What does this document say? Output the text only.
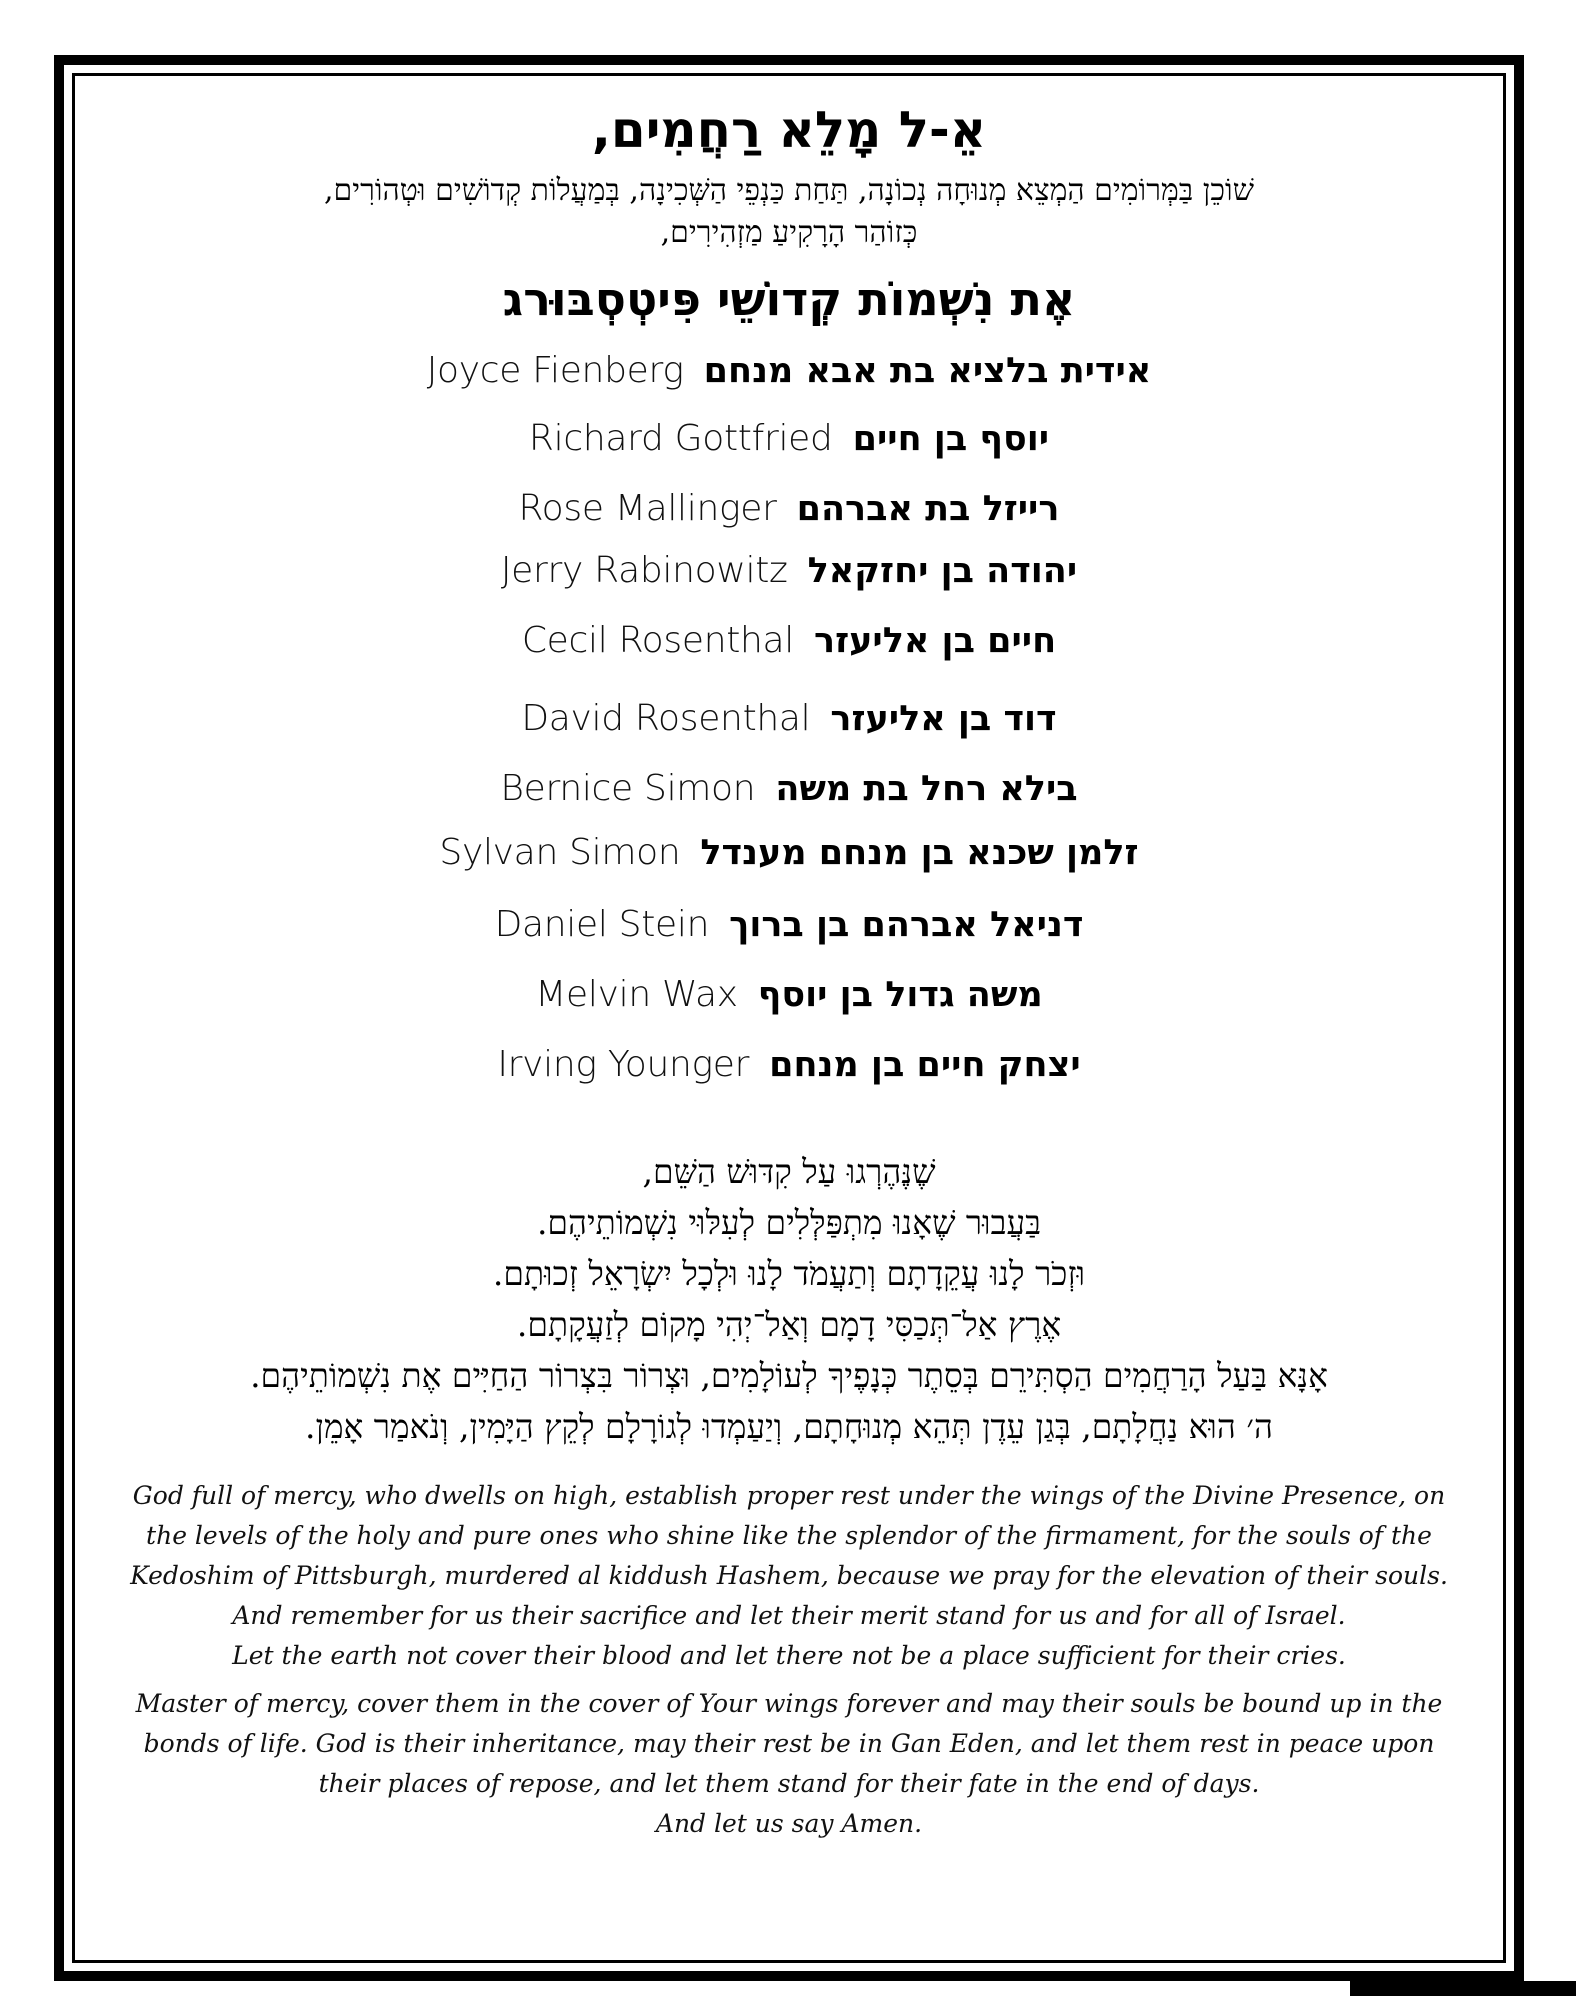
אֵ-ל מָלֵא רַחֲמִים,
שׁוֹכֵן בַּמְּרוֹמִים הַמְצֵא מְנוּחָה נְכוֹנָה, תַּחַת כַּנְפֵי הַשְּׁכִינָה, בְּמַעֲלוֹת קְדוֹשִׁים וּטְהוֹרִים,
כְּזוֹהַר הָרָקִיעַ מַזְהִירִים,
אֶת נִשְׁמוֹת קְדוֹשֵׁי פִּיטְסְבּוּרג
Joyce Fienberg אידית בלציא בת אבא מנחם
Richard Gottfried יוסף בן חיים
Rose Mallinger רייזל בת אברהם
Jerry Rabinowitz יהודה בן יחזקאל
Cecil Rosenthal חיים בן אליעזר
David Rosenthal דוד בן אליעזר
Bernice Simon בילא רחל בת משה
Sylvan Simon זלמן שכנא בן מנחם מענדל
Daniel Stein דניאל אברהם בן ברוך
Melvin Wax משה גדול בן יוסף
Irving Younger יצחק חיים בן מנחם
שֶׁנֶּהֶרְגוּ עַל קִדּוּשׁ הַשֵּׁם,
בַּעֲבוּר שֶׁאָנוּ מִתְפַּלְּלִים לְעִלּוּי נִשְׁמוֹתֵיהֶם.
וּזְכֹר לָנוּ עֲקֵדָתָם וְתַעֲמֹד לָנוּ וּלְכָל יִשְׂרָאֵל זְכוּתָם.
אֶרֶץ אַל־תְּכַסִּי דָמָם וְאַל־יְהִי מָקוֹם לְזַעֲקָתָם.
אָנָּא בַּעַל הָרַחֲמִים הַסְתִּירֵם בְּסֵתֶר כְּנָפֶיךָ לְעוֹלָמִים, וּצְרוֹר בִּצְרוֹר הַחַיִּים אֶת נִשְׁמוֹתֵיהֶם.
ה׳ הוּא נַחֲלָתָם, בְּגַן עֵדֶן תְּהֵא מְנוּחָתָם, וְיַעַמְדוּ לְגוֹרָלָם לְקֵץ הַיָּמִין, וְנֹאמַר אָמֵן.
God full of mercy, who dwells on high, establish proper rest under the wings of the Divine Presence, on
the levels of the holy and pure ones who shine like the splendor of the firmament, for the souls of the
Kedoshim of Pittsburgh, murdered al kiddush Hashem, because we pray for the elevation of their souls.
And remember for us their sacrifice and let their merit stand for us and for all of Israel.
Let the earth not cover their blood and let there not be a place sufficient for their cries.
Master of mercy, cover them in the cover of Your wings forever and may their souls be bound up in the
bonds of life. God is their inheritance, may their rest be in Gan Eden, and let them rest in peace upon
their places of repose, and let them stand for their fate in the end of days.
And let us say Amen.
